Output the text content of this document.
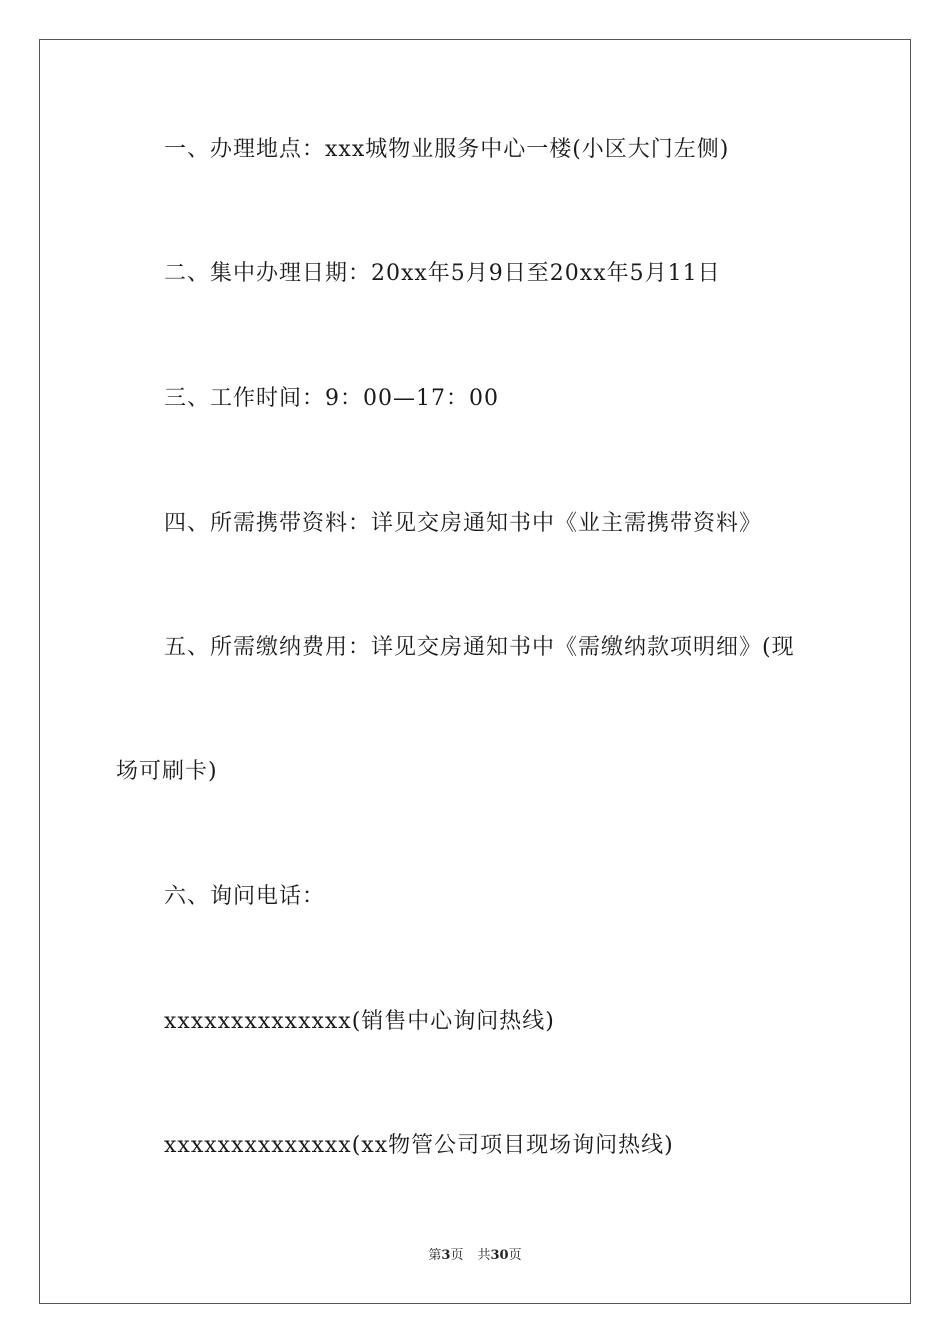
一、办理地点：xxx城物业服务中心一楼(小区大门左侧)
二、集中办理日期：20xx年5月9日至20xx年5月11日
三、工作时间：9：00—17：00
四、所需携带资料：详见交房通知书中《业主需携带资料》
五、所需缴纳费用：详见交房通知书中《需缴纳款项明细》(现
场可刷卡)
六、询问电话：
xxxxxxxxxxxxxx(销售中心询问热线)
xxxxxxxxxxxxxx(xx物管公司项目现场询问热线)
第3页 共30页
